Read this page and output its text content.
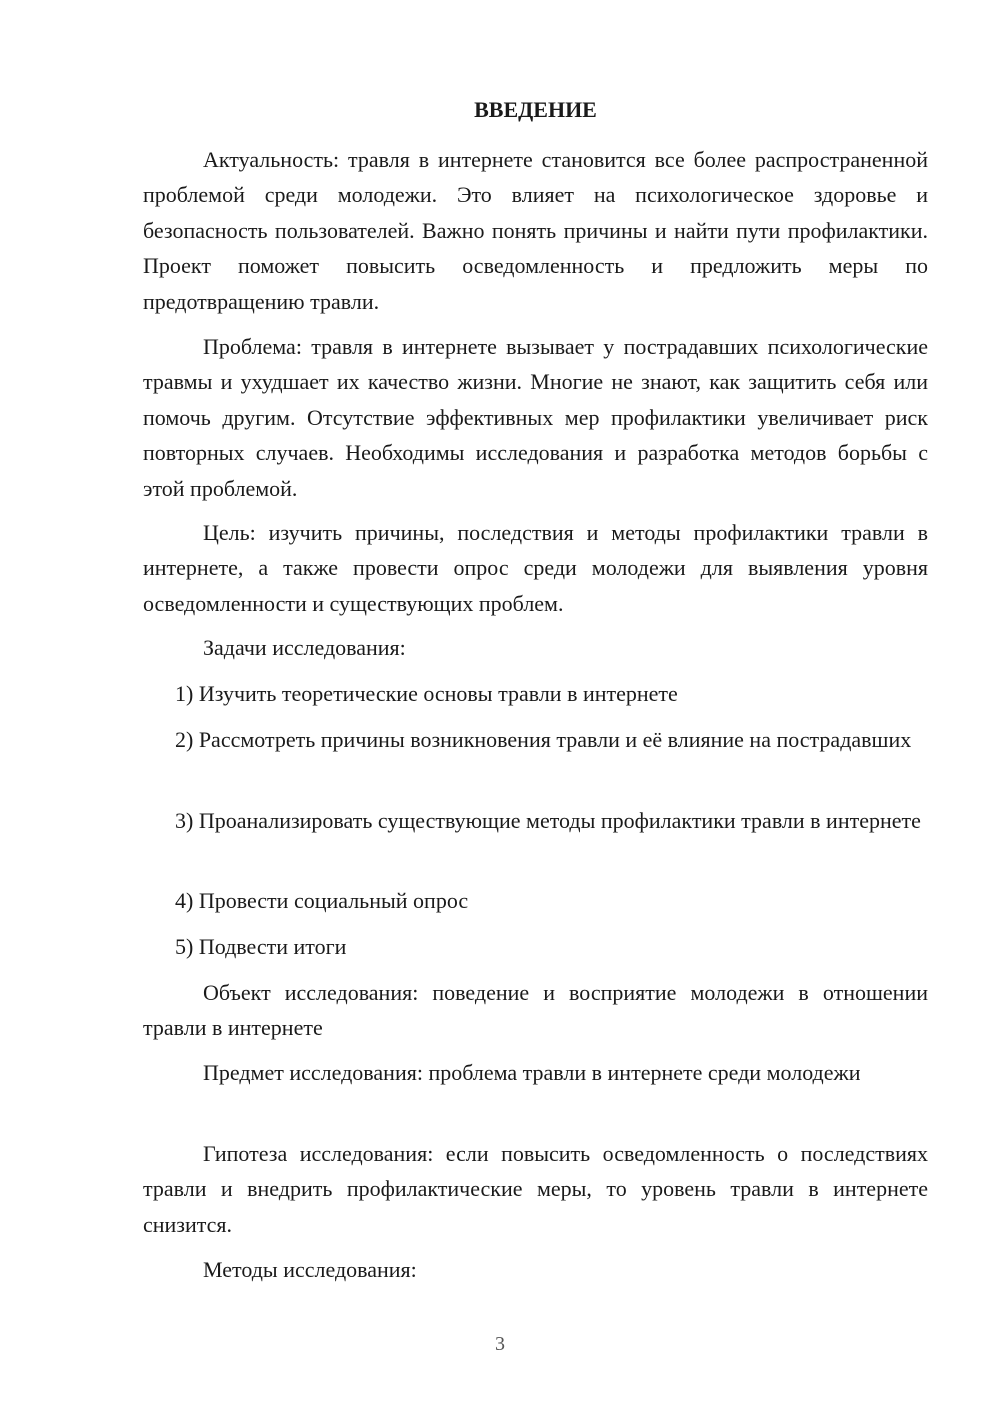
ВВЕДЕНИЕ

Актуальность: травля в интернете становится все более распространенной проблемой среди молодежи. Это влияет на психологическое здоровье и безопасность пользователей. Важно понять причины и найти пути профилактики. Проект поможет повысить осведомленность и предложить меры по предотвращению травли.

Проблема: травля в интернете вызывает у пострадавших психологические травмы и ухудшает их качество жизни. Многие не знают, как защитить себя или помочь другим. Отсутствие эффективных мер профилактики увеличивает риск повторных случаев. Необходимы исследования и разработка методов борьбы с этой проблемой.

Цель: изучить причины, последствия и методы профилактики травли в интернете, а также провести опрос среди молодежи для выявления уровня осведомленности и существующих проблем.

Задачи исследования:

1) Изучить теоретические основы травли в интернете

2) Рассмотреть причины возникновения травли и её влияние на пострадавших

3) Проанализировать существующие методы профилактики травли в интернете

4) Провести социальный опрос

5) Подвести итоги

Объект исследования: поведение и восприятие молодежи в отношении травли в интернете

Предмет исследования: проблема травли в интернете среди молодежи

Гипотеза исследования: если повысить осведомленность о последствиях травли и внедрить профилактические меры, то уровень травли в интернете снизится.

Методы исследования:

3
